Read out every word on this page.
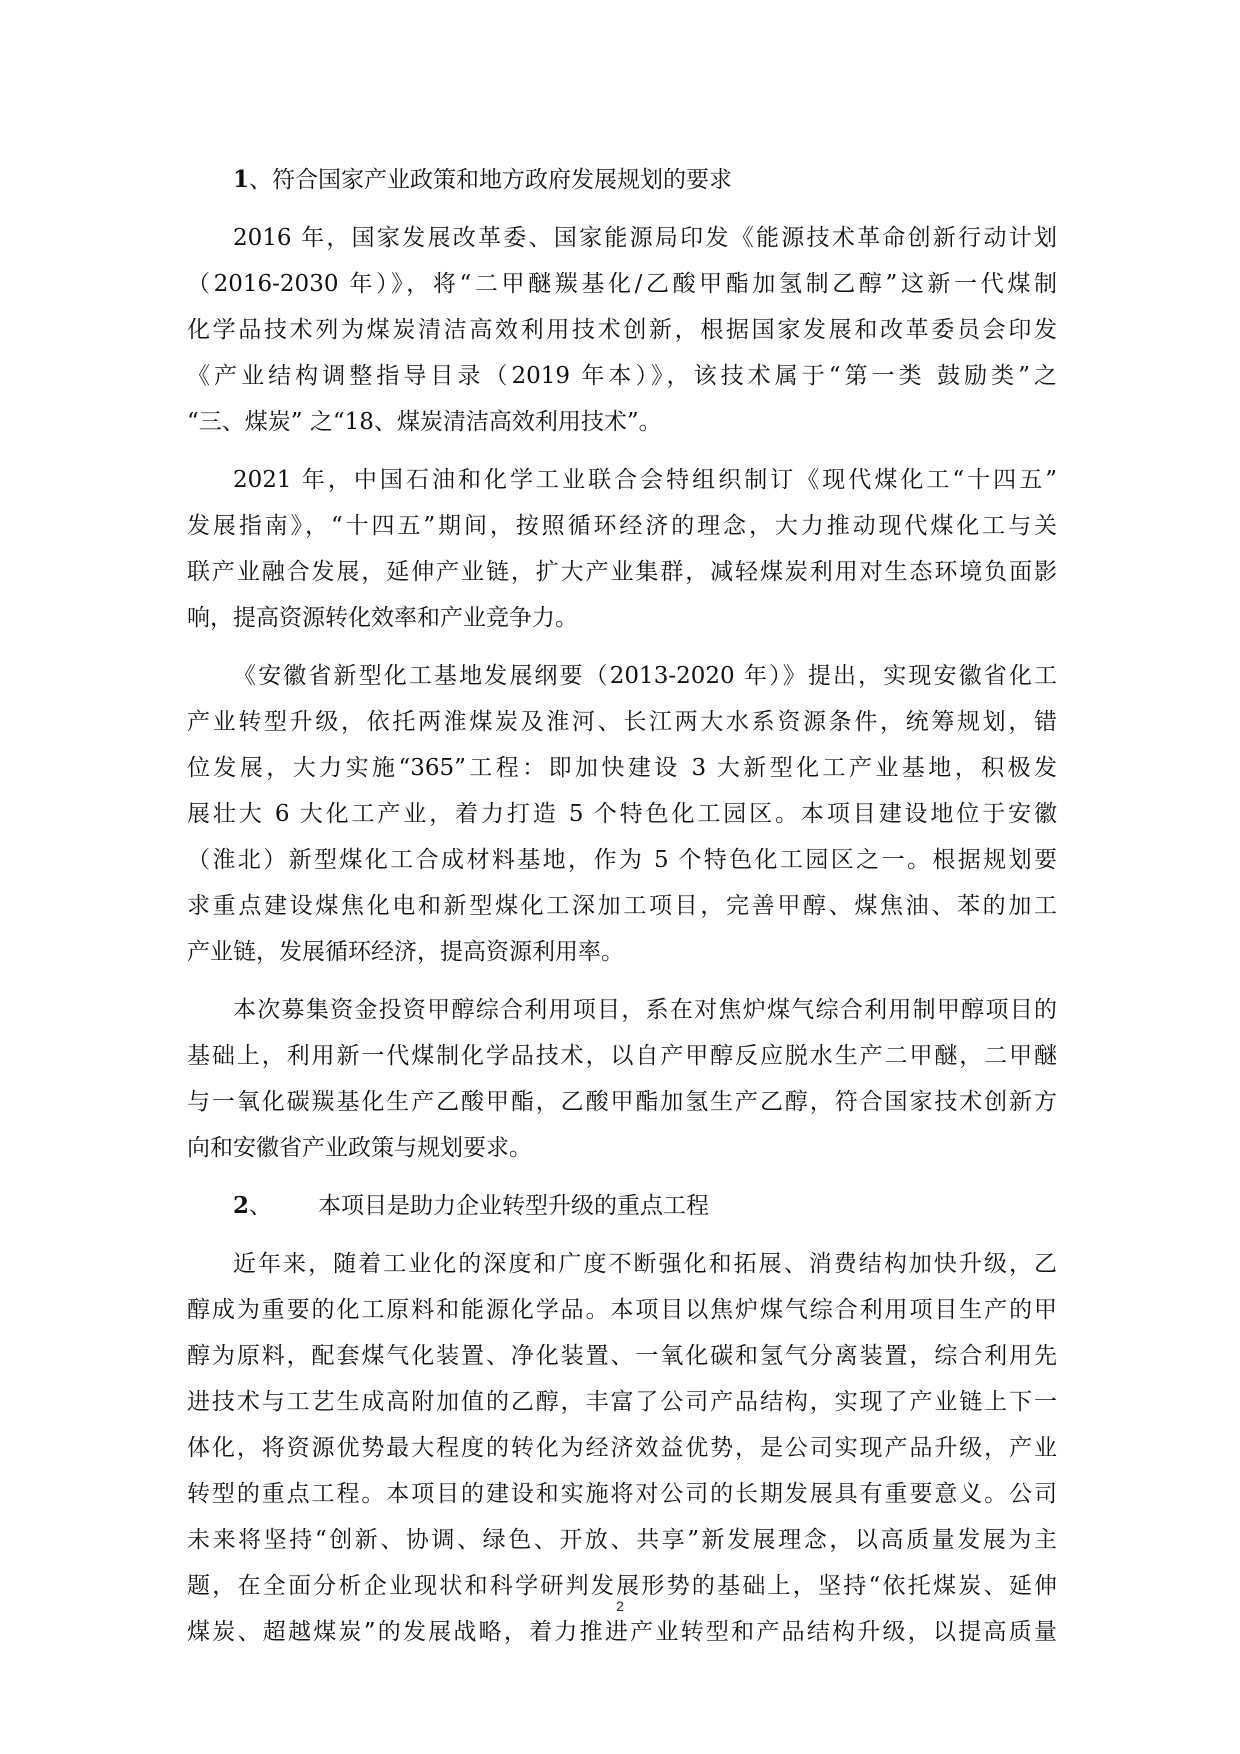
1、符合国家产业政策和地方政府发展规划的要求
2016 年，国家发展改革委、国家能源局印发《能源技术革命创新行动计划
（2016-2030 年）》，将“二甲醚羰基化/乙酸甲酯加氢制乙醇”这新一代煤制
化学品技术列为煤炭清洁高效利用技术创新，根据国家发展和改革委员会印发
《产业结构调整指导目录（2019 年本）》，该技术属于“第一类 鼓励类”之
“三、煤炭” 之“18、煤炭清洁高效利用技术”。
2021 年，中国石油和化学工业联合会特组织制订《现代煤化工“十四五”
发展指南》，“十四五”期间，按照循环经济的理念，大力推动现代煤化工与关
联产业融合发展，延伸产业链，扩大产业集群，减轻煤炭利用对生态环境负面影
响，提高资源转化效率和产业竞争力。
《安徽省新型化工基地发展纲要（2013-2020 年）》提出，实现安徽省化工
产业转型升级，依托两淮煤炭及淮河、长江两大水系资源条件，统筹规划，错
位发展，大力实施“365”工程：即加快建设 3 大新型化工产业基地，积极发
展壮大 6 大化工产业，着力打造 5 个特色化工园区。本项目建设地位于安徽
（淮北）新型煤化工合成材料基地，作为 5 个特色化工园区之一。根据规划要
求重点建设煤焦化电和新型煤化工深加工项目，完善甲醇、煤焦油、苯的加工
产业链，发展循环经济，提高资源利用率。
本次募集资金投资甲醇综合利用项目，系在对焦炉煤气综合利用制甲醇项目的
基础上，利用新一代煤制化学品技术，以自产甲醇反应脱水生产二甲醚，二甲醚
与一氧化碳羰基化生产乙酸甲酯，乙酸甲酯加氢生产乙醇，符合国家技术创新方
向和安徽省产业政策与规划要求。
2、 本项目是助力企业转型升级的重点工程
近年来，随着工业化的深度和广度不断强化和拓展、消费结构加快升级，乙
醇成为重要的化工原料和能源化学品。本项目以焦炉煤气综合利用项目生产的甲
醇为原料，配套煤气化装置、净化装置、一氧化碳和氢气分离装置，综合利用先
进技术与工艺生成高附加值的乙醇，丰富了公司产品结构，实现了产业链上下一
体化，将资源优势最大程度的转化为经济效益优势，是公司实现产品升级，产业
转型的重点工程。本项目的建设和实施将对公司的长期发展具有重要意义。公司
未来将坚持“创新、协调、绿色、开放、共享”新发展理念，以高质量发展为主
题，在全面分析企业现状和科学研判发展形势的基础上，坚持“依托煤炭、延伸
煤炭、超越煤炭”的发展战略，着力推进产业转型和产品结构升级，以提高质量
2
